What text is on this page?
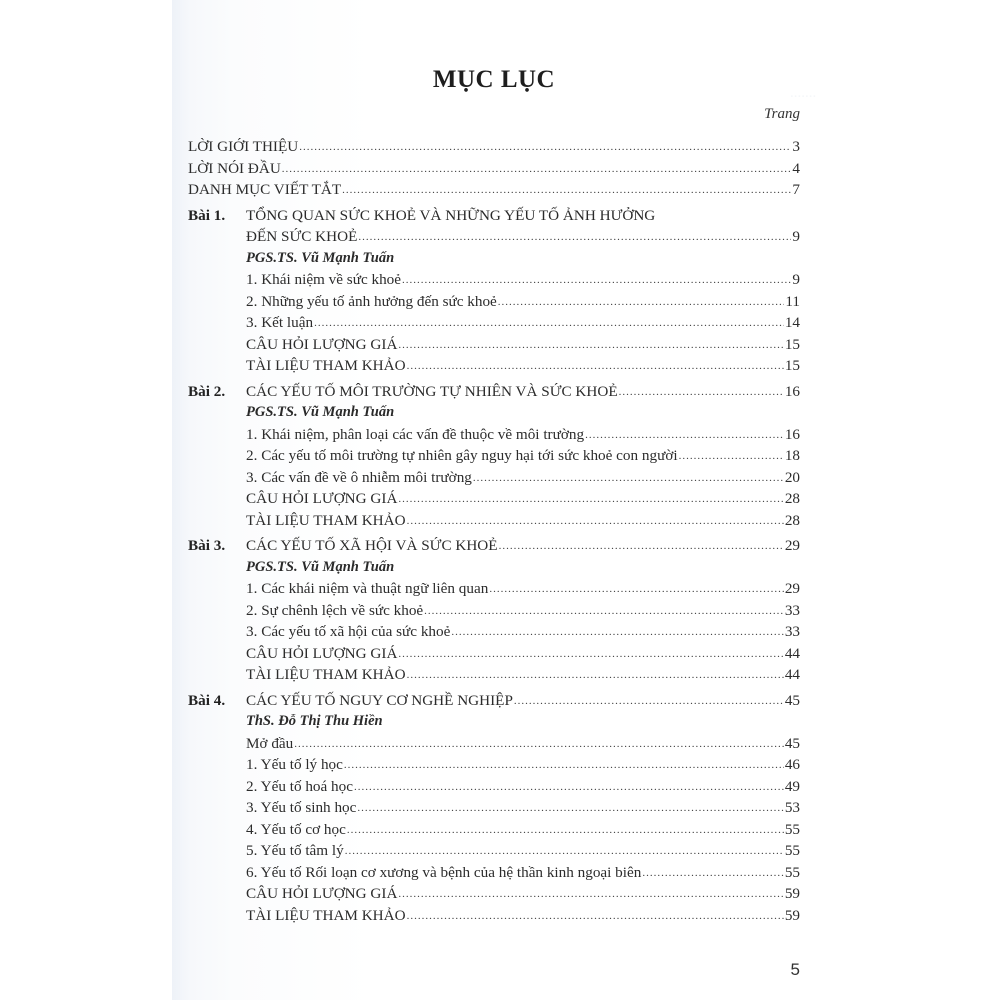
.......
MỤC LỤC
Trang
LỜI GIỚI THIỆU .....	3
LỜI NÓI ĐẦU .....	4
DANH MỤC VIẾT TẮT .....	7
Bài 1.	TỔNG QUAN SỨC KHOẺ VÀ NHỮNG YẾU TỐ ẢNH HƯỞNG
ĐẾN SỨC KHOẺ .....	9
PGS.TS. Vũ Mạnh Tuấn
1. Khái niệm về sức khoẻ .....	9
2. Những yếu tố ảnh hưởng đến sức khoẻ .....	11
3. Kết luận .....	14
CÂU HỎI LƯỢNG GIÁ .....	15
TÀI LIỆU THAM KHẢO .....	15
Bài 2.	CÁC YẾU TỐ MÔI TRƯỜNG TỰ NHIÊN VÀ SỨC KHOẺ .....	16
PGS.TS. Vũ Mạnh Tuấn
1. Khái niệm, phân loại các vấn đề thuộc về môi trường .....	16
2. Các yếu tố môi trường tự nhiên gây nguy hại tới sức khoẻ con người .....	18
3. Các vấn đề về ô nhiễm môi trường .....	20
CÂU HỎI LƯỢNG GIÁ .....	28
TÀI LIỆU THAM KHẢO .....	28
Bài 3.	CÁC YẾU TỐ XÃ HỘI VÀ SỨC KHOẺ .....	29
PGS.TS. Vũ Mạnh Tuấn
1. Các khái niệm và thuật ngữ liên quan .....	29
2. Sự chênh lệch về sức khoẻ .....	33
3. Các yếu tố xã hội của sức khoẻ .....	33
CÂU HỎI LƯỢNG GIÁ .....	44
TÀI LIỆU THAM KHẢO .....	44
Bài 4.	CÁC YẾU TỐ NGUY CƠ NGHỀ NGHIỆP .....	45
ThS. Đỗ Thị Thu Hiền
Mở đầu .....	45
1. Yếu tố lý học .....	46
2. Yếu tố hoá học .....	49
3. Yếu tố sinh học .....	53
4. Yếu tố cơ học .....	55
5. Yếu tố tâm lý .....	55
6. Yếu tố Rối loạn cơ xương và bệnh của hệ thần kinh ngoại biên .....	55
CÂU HỎI LƯỢNG GIÁ .....	59
TÀI LIỆU THAM KHẢO .....	59
5
